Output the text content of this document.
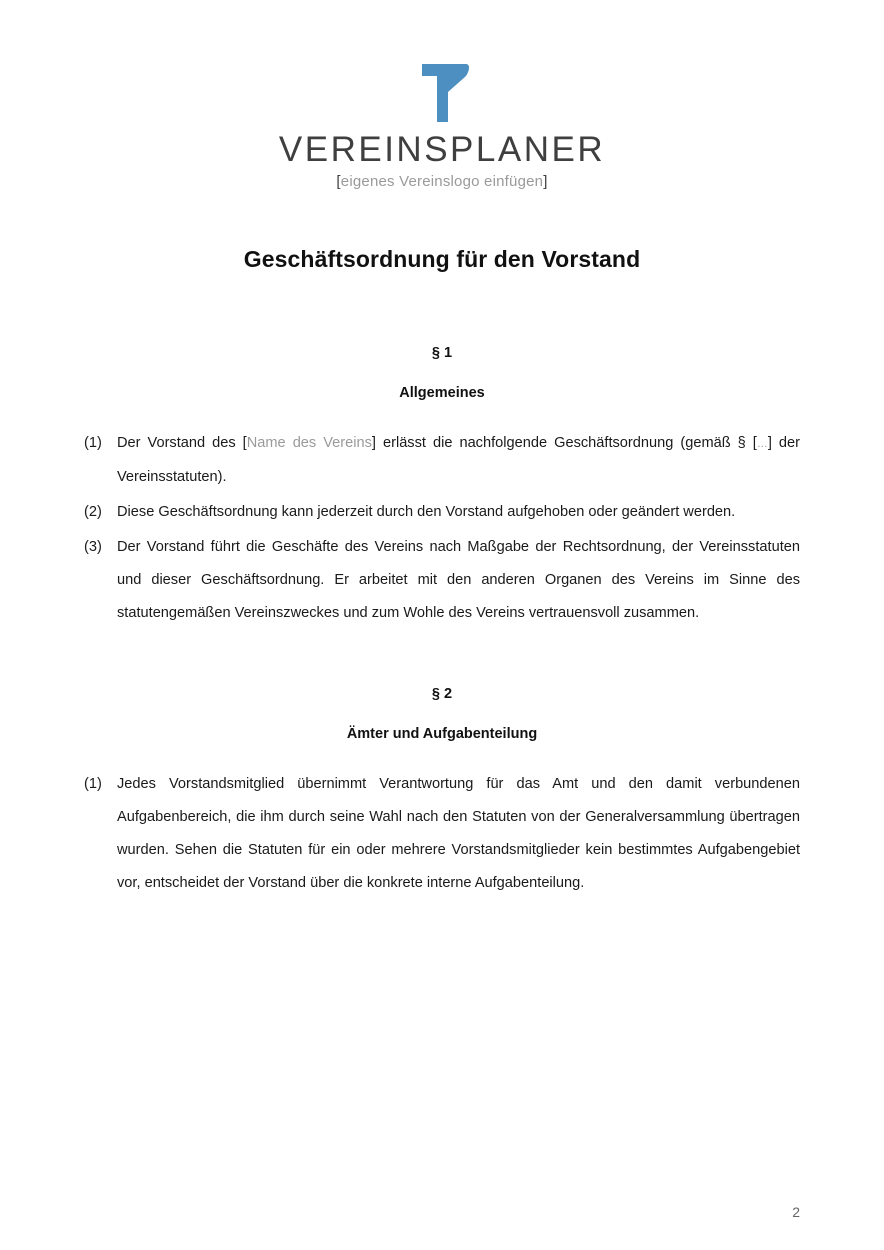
VEREINSPLANER
[eigenes Vereinslogo einfügen]
Geschäftsordnung für den Vorstand
§ 1
Allgemeines
(1)	Der Vorstand des [Name des Vereins] erlässt die nachfolgende Geschäftsordnung (gemäß § […] der Vereinsstatuten).
(2)	Diese Geschäftsordnung kann jederzeit durch den Vorstand aufgehoben oder geändert werden.
(3)	Der Vorstand führt die Geschäfte des Vereins nach Maßgabe der Rechtsordnung, der Vereinsstatuten und dieser Geschäftsordnung. Er arbeitet mit den anderen Organen des Vereins im Sinne des statutengemäßen Vereinszweckes und zum Wohle des Vereins vertrauensvoll zusammen.
§ 2
Ämter und Aufgabenteilung
(1)	Jedes Vorstandsmitglied übernimmt Verantwortung für das Amt und den damit verbundenen Aufgabenbereich, die ihm durch seine Wahl nach den Statuten von der Generalversammlung übertragen wurden. Sehen die Statuten für ein oder mehrere Vorstandsmitglieder kein bestimmtes Aufgabengebiet vor, entscheidet der Vorstand über die konkrete interne Aufgabenteilung.
2
